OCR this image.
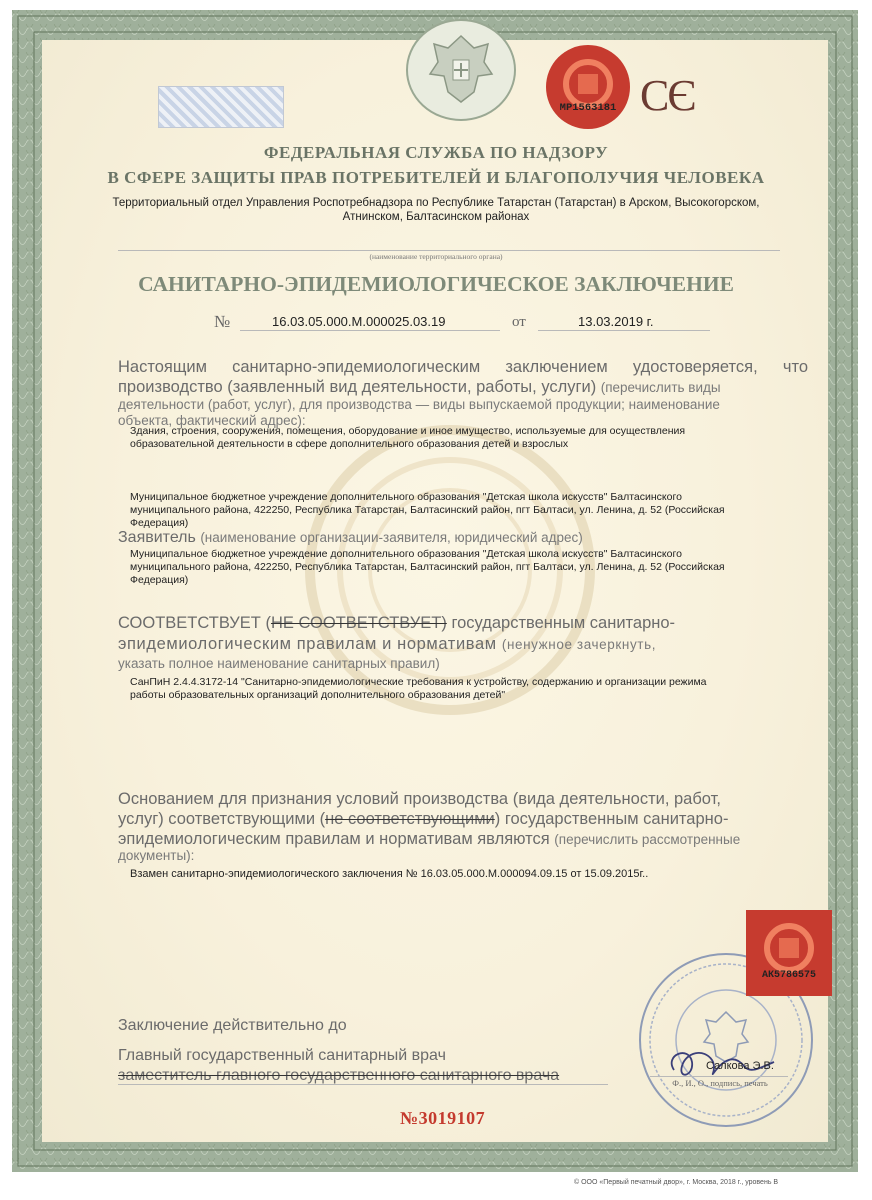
МР1563181 СЄ
ФЕДЕРАЛЬНАЯ СЛУЖБА ПО НАДЗОРУ
В СФЕРЕ ЗАЩИТЫ ПРАВ ПОТРЕБИТЕЛЕЙ И БЛАГОПОЛУЧИЯ ЧЕЛОВЕКА
Территориальный отдел Управления Роспотребнадзора по Республике Татарстан (Татарстан) в Арском, Высокогорском,
Атнинском, Балтасинском районах
(наименование территориального органа)
САНИТАРНО-ЭПИДЕМИОЛОГИЧЕСКОЕ ЗАКЛЮЧЕНИЕ
№	16.03.05.000.М.000025.03.19	от	13.03.2019 г.
Настоящим санитарно-эпидемиологическим заключением удостоверяется, что
производство (заявленный вид деятельности, работы, услуги) (перечислить виды
деятельности (работ, услуг), для производства — виды выпускаемой продукции; наименование
объекта, фактический адрес):
Здания, строения, сооружения, помещения, оборудование и иное имущество, используемые для осуществления
образовательной деятельности в сфере дополнительного образования детей и взрослых
Муниципальное бюджетное учреждение дополнительного образования "Детская школа искусств" Балтасинского
муниципального района, 422250, Республика Татарстан, Балтасинский район, пгт Балтаси, ул. Ленина, д. 52 (Российская
Федерация)
Заявитель (наименование организации-заявителя, юридический адрес)
Муниципальное бюджетное учреждение дополнительного образования "Детская школа искусств" Балтасинского
муниципального района, 422250, Республика Татарстан, Балтасинский район, пгт Балтаси, ул. Ленина, д. 52 (Российская
Федерация)
СООТВЕТСТВУЕТ (НЕ СООТВЕТСТВУЕТ) государственным санитарно-
эпидемиологическим правилам и нормативам (ненужное зачеркнуть,
указать полное наименование санитарных правил)
СанПиН 2.4.4.3172-14 "Санитарно-эпидемиологические требования к устройству, содержанию и организации режима
работы образовательных организаций дополнительного образования детей"
Основанием для признания условий производства (вида деятельности, работ,
услуг) соответствующими (не соответствующими) государственным санитарно-
эпидемиологическим правилам и нормативам являются (перечислить рассмотренные
документы):
Взамен санитарно-эпидемиологического заключения № 16.03.05.000.М.000094.09.15 от 15.09.2015г..
Заключение действительно до
Главный государственный санитарный врач
заместитель главного государственного санитарного врача
АК5786575
Салкова Э.В.
Ф., И., О., подпись, печать
№3019107
© ООО «Первый печатный двор», г. Москва, 2018 г., уровень В
